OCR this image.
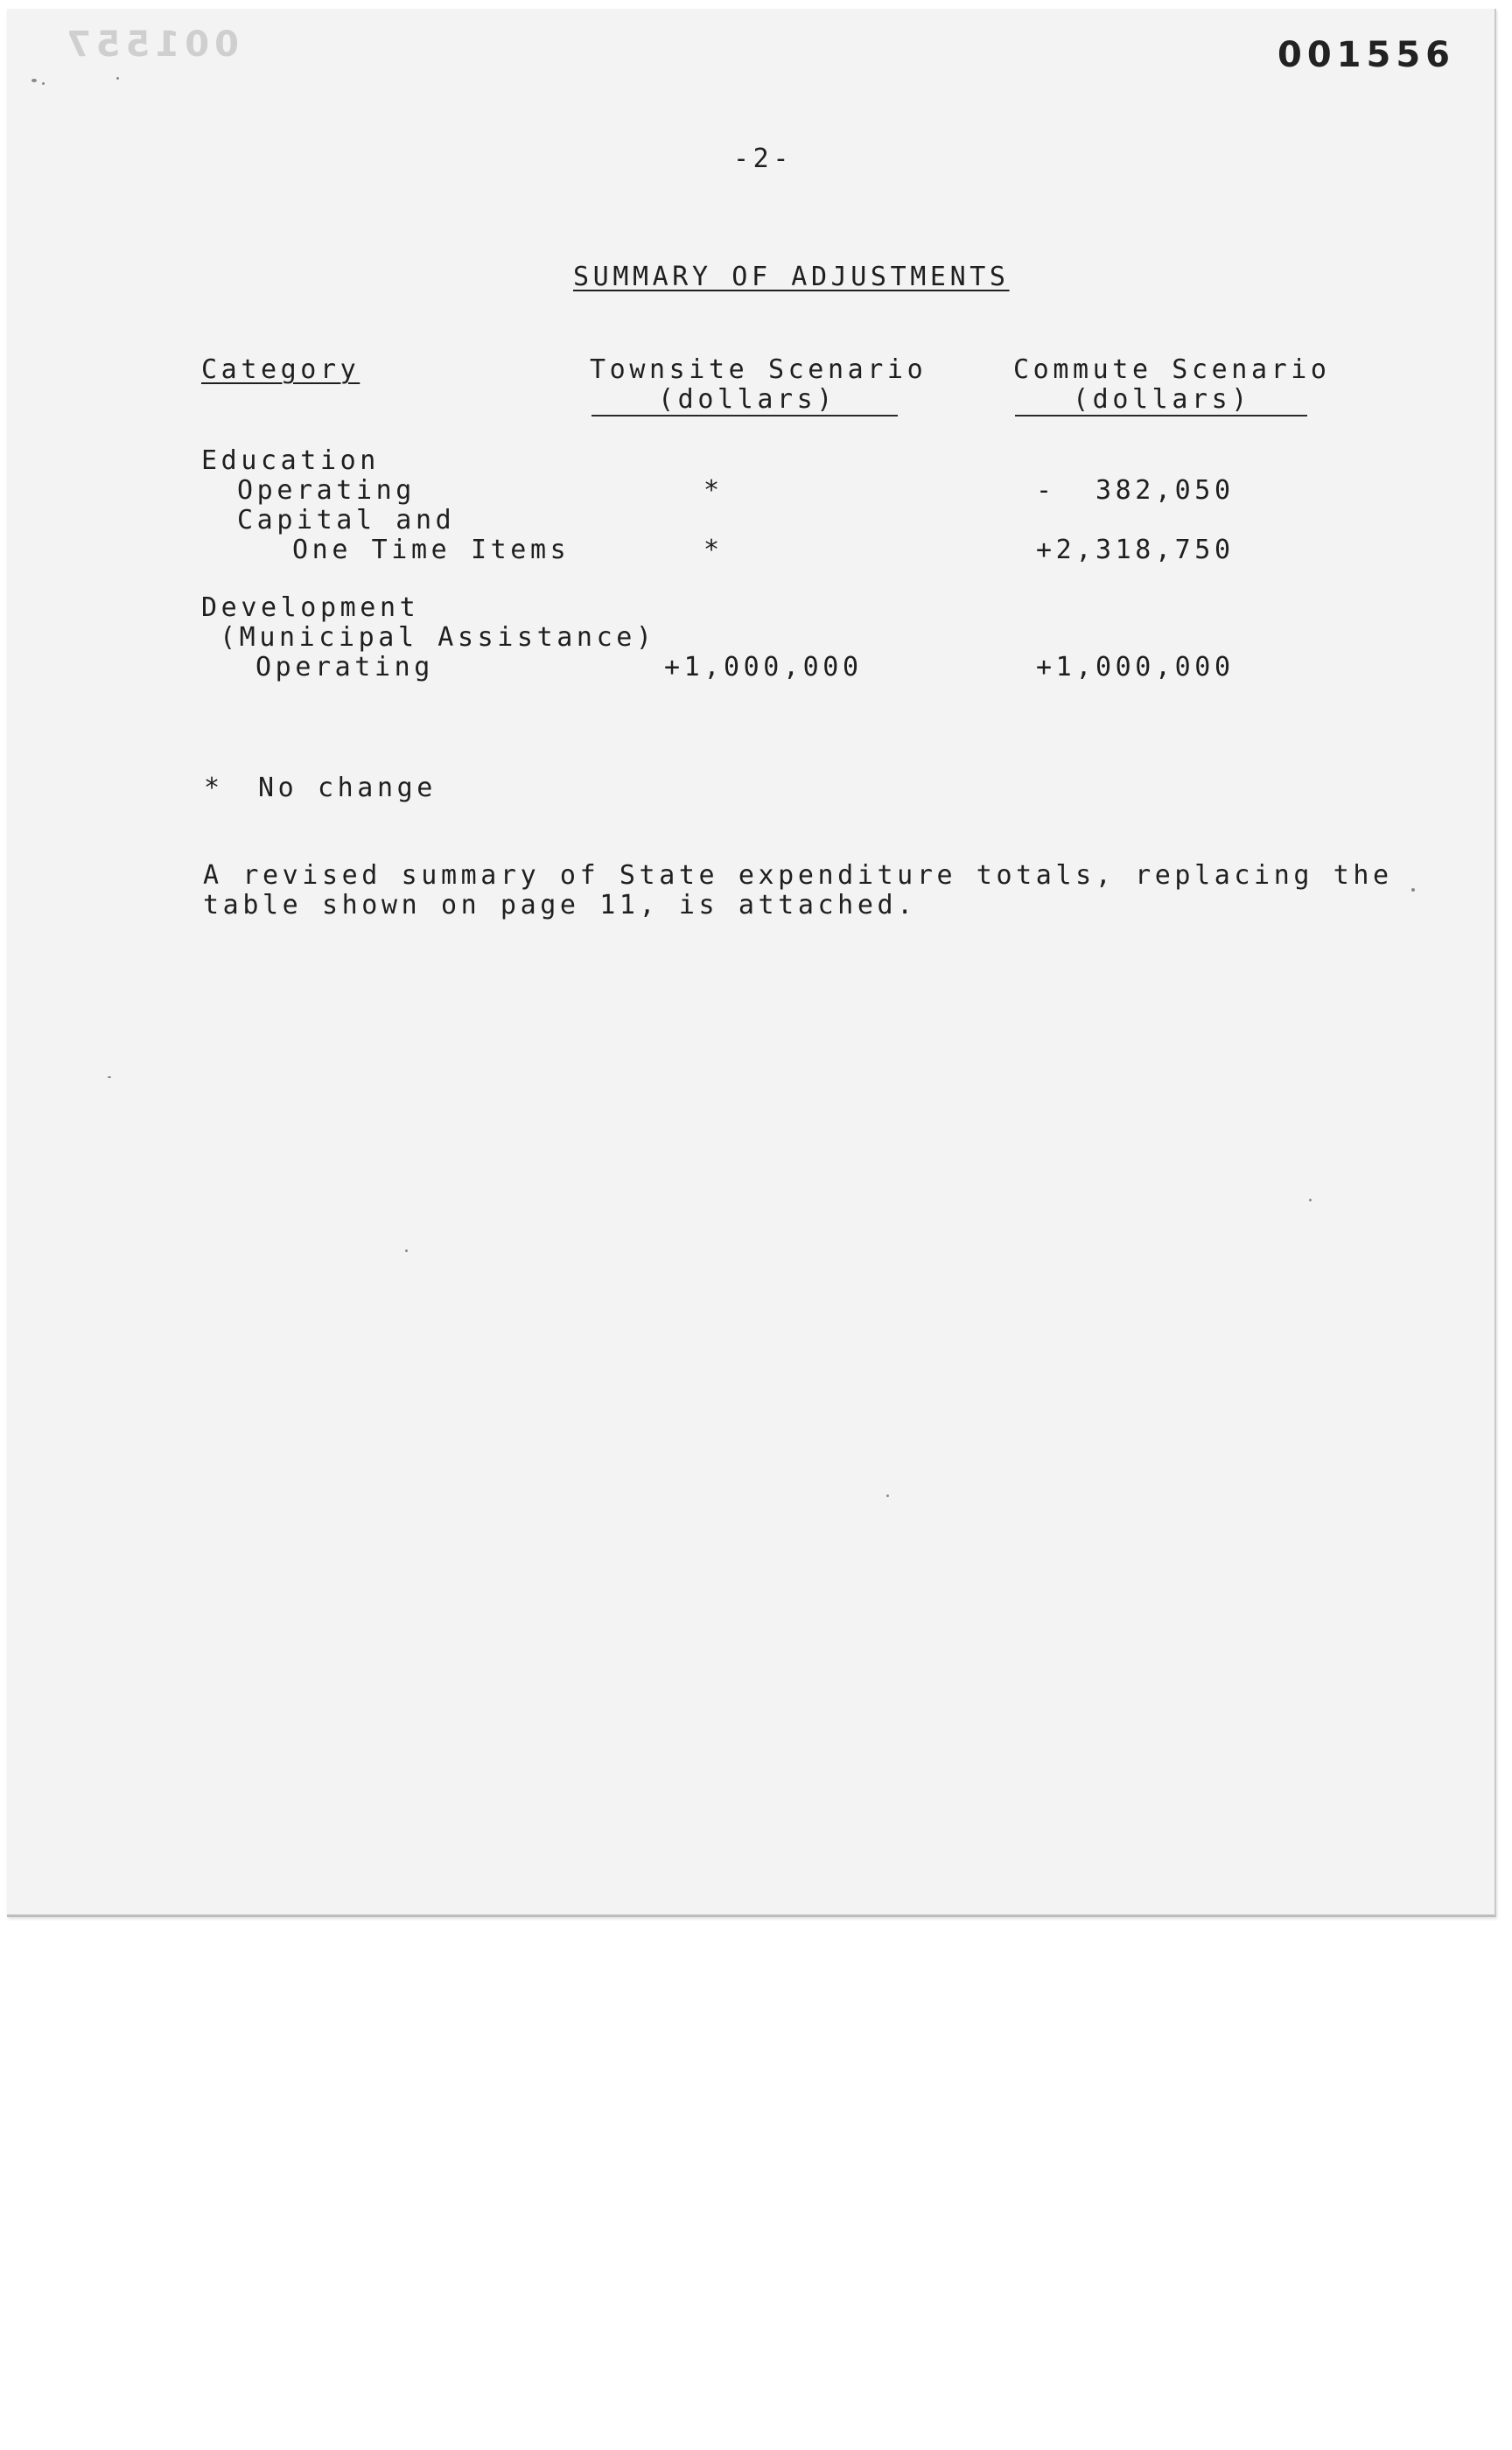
001557	001556
-2-
SUMMARY OF ADJUSTMENTS
Category	Townsite Scenario
(dollars)
Commute Scenario
(dollars)
Education
Operating
Capital and
One Time Items
Development
(Municipal Assistance)
Operating
*
*
+1,000,000
-  382,050
+2,318,750
+1,000,000
* No change
A revised summary of State expenditure totals, replacing the
table shown on page 11, is attached.
